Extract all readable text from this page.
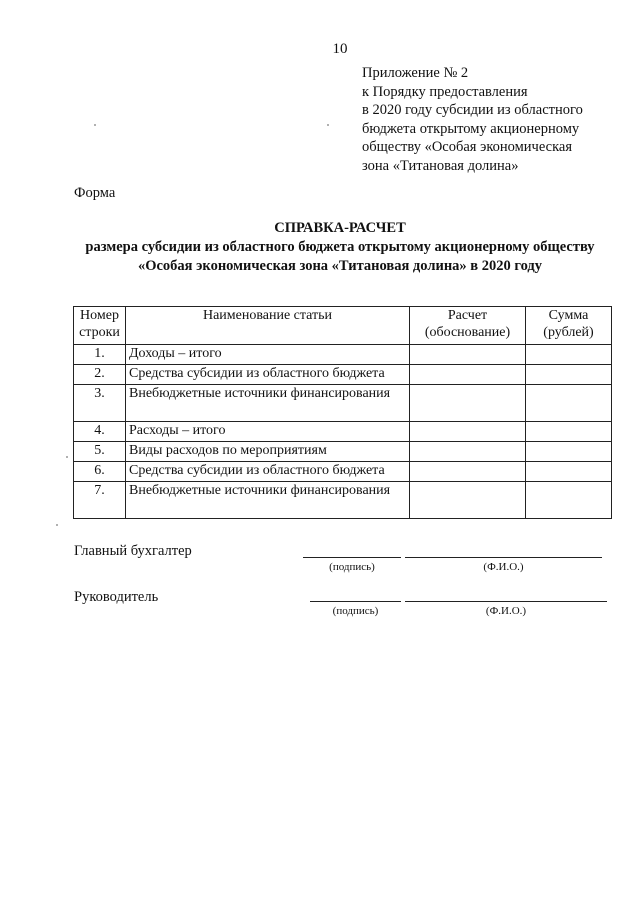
10
Приложение № 2
к Порядку предоставления
в 2020 году субсидии из областного
бюджета открытому акционерному
обществу «Особая экономическая
зона «Титановая долина»
Форма
СПРАВКА-РАСЧЕТ
размера субсидии из областного бюджета открытому акционерному обществу
«Особая экономическая зона «Титановая долина» в 2020 году
Номер строки	Наименование статьи	Расчет (обоснование)	Сумма (рублей)
1.	Доходы – итого		
2.	Средства субсидии из областного бюджета		
3.	Внебюджетные источники финансирования		
4.	Расходы – итого		
5.	Виды расходов по мероприятиям		
6.	Средства субсидии из областного бюджета		
7.	Внебюджетные источники финансирования		
Главный бухгалтер
(подпись)	(Ф.И.О.)
Руководитель
(подпись)	(Ф.И.О.)
